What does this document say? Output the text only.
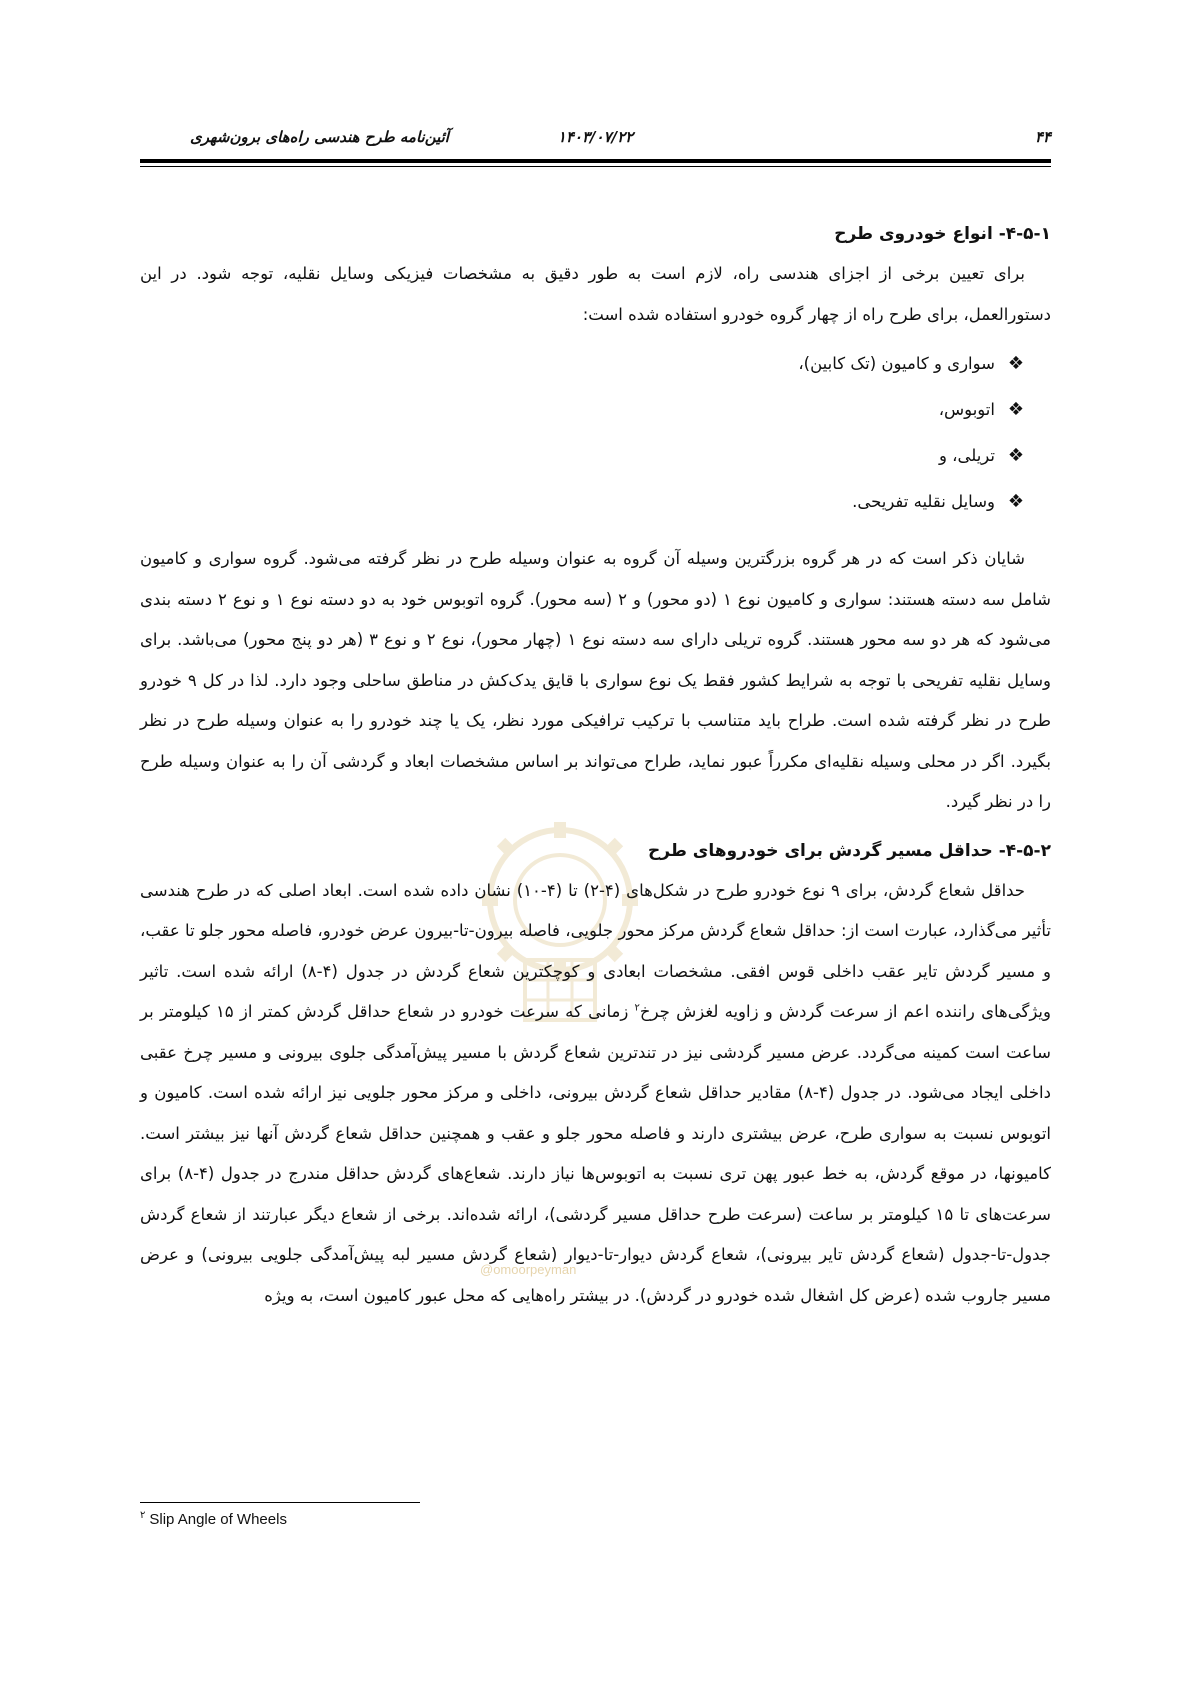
۴۴
۱۴۰۳/۰۷/۲۲
آئین‌نامه طرح هندسی راه‌های برون‌شهری
@omoorpeyman
۴-۵-۱- انواع خودروی طرح

برای تعیین برخی از اجزای هندسی راه، لازم است به طور دقیق به مشخصات فیزیکی وسایل نقلیه، توجه شود. در این دستورالعمل، برای طرح راه از چهار گروه خودرو استفاده شده است:

❖سواری و کامیون (تک کابین)،
❖اتوبوس،
❖تریلی، و
❖وسایل نقلیه تفریحی.

شایان ذکر است که در هر گروه بزرگترین وسیله آن گروه به عنوان وسیله طرح در نظر گرفته می‌شود. گروه سواری و کامیون شامل سه دسته هستند: سواری و کامیون نوع ۱ (دو محور) و ۲ (سه محور). گروه اتوبوس خود به دو دسته نوع ۱ و نوع ۲ دسته بندی می‌شود که هر دو سه محور هستند. گروه تریلی دارای سه دسته نوع ۱ (چهار محور)، نوع ۲ و نوع ۳ (هر دو پنج محور) می‌باشد. برای وسایل نقلیه تفریحی با توجه به شرایط کشور فقط یک نوع سواری با قایق یدک‌کش در مناطق ساحلی وجود دارد. لذا در کل ۹ خودرو طرح در نظر گرفته شده است. طراح باید متناسب با ترکیب ترافیکی مورد نظر، یک یا چند خودرو را به عنوان وسیله طرح در نظر بگیرد. اگر در محلی وسیله نقلیه‌ای مکرراً عبور نماید، طراح می‌تواند بر اساس مشخصات ابعاد و گردشی آن را به عنوان وسیله طرح را در نظر گیرد.

۴-۵-۲- حداقل مسیر گردش برای خودروهای طرح

حداقل شعاع گردش، برای ۹ نوع خودرو طرح در شکل‌های (۴-۲) تا (۴-۱۰) نشان داده شده است. ابعاد اصلی که در طرح هندسی تأثیر می‌گذارد، عبارت است از: حداقل شعاع گردش مرکز محور جلویی، فاصله بیرون-تا-بیرون عرض خودرو، فاصله محور جلو تا عقب، و مسیر گردش تایر عقب داخلی قوس افقی. مشخصات ابعادی و کوچکترین شعاع گردش در جدول (۴-۸) ارائه شده است. تاثیر ویژگی‌های راننده اعم از سرعت گردش و زاویه لغزش چرخ$^۲$ زمانی که سرعت خودرو در شعاع حداقل گردش کمتر از ۱۵ کیلومتر بر ساعت است کمینه می‌گردد. عرض مسیر گردشی نیز در تندترین شعاع گردش با مسیر پیش‌آمدگی جلوی بیرونی و مسیر چرخ عقبی داخلی ایجاد می‌شود. در جدول (۴-۸) مقادیر حداقل شعاع گردش بیرونی، داخلی و مرکز محور جلویی نیز ارائه شده است. کامیون و اتوبوس نسبت به سواری طرح، عرض بیشتری دارند و فاصله محور جلو و عقب و همچنین حداقل شعاع گردش آنها نیز بیشتر است. کامیونها، در موقع گردش، به خط عبور پهن تری نسبت به اتوبوس‌ها نیاز دارند. شعاع‌های گردش حداقل مندرج در جدول (۴-۸) برای سرعت‌های تا ۱۵ کیلومتر بر ساعت (سرعت طرح حداقل مسیر گردشی)، ارائه شده‌اند. برخی از شعاع دیگر عبارتند از شعاع گردش جدول-تا-جدول (شعاع گردش تایر بیرونی)، شعاع گردش دیوار-تا-دیوار (شعاع گردش مسیر لبه پیش‌آمدگی جلویی بیرونی) و عرض مسیر جاروب شده (عرض کل اشغال شده خودرو در گردش). در بیشتر راه‌هایی که محل عبور کامیون است، به ویژه

$^۲$ Slip Angle of Wheels
